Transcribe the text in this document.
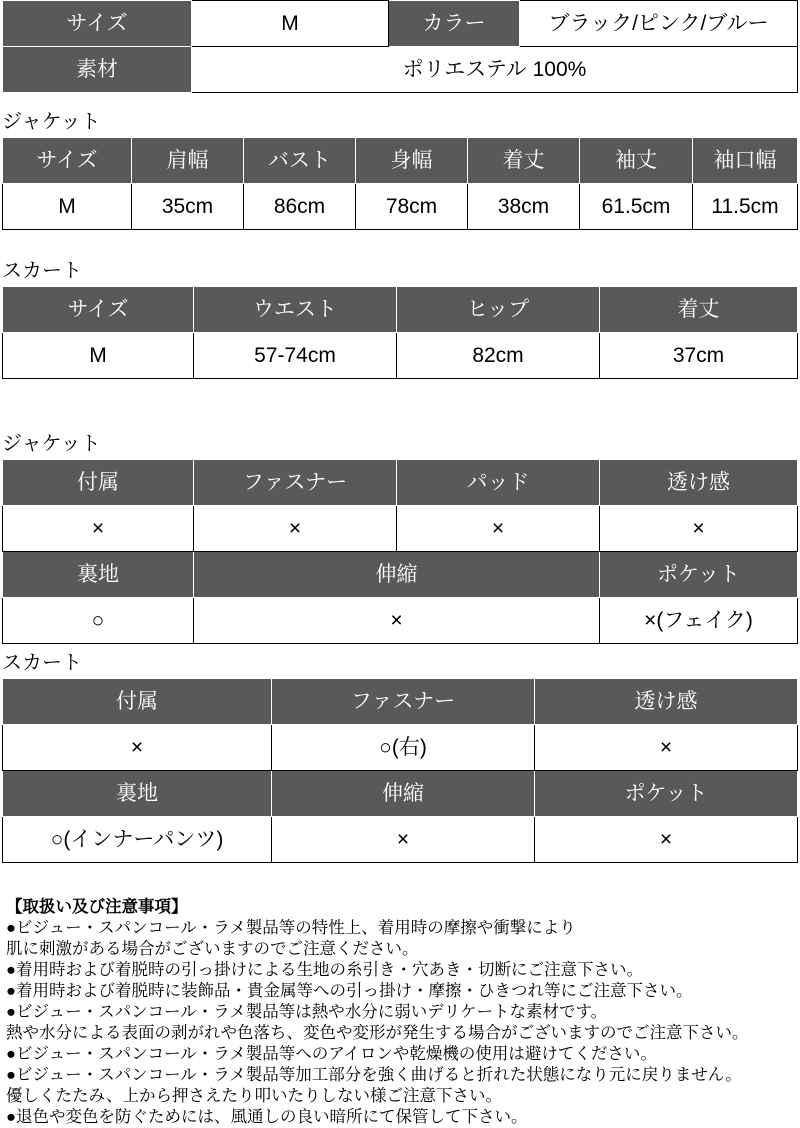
サイズ	M	カラー	ブラック/ピンク/ブルー
素材	ポリエステル 100%		
ジャケット
サイズ	肩幅	バスト	身幅	着丈	袖丈	袖口幅
M	35cm	86cm	78cm	38cm	61.5cm	11.5cm
スカート
サイズ	ウエスト	ヒップ	着丈
M	57-74cm	82cm	37cm
ジャケット
付属	ファスナー	パッド	透け感
×	×	×	×
裏地	伸縮		ポケット
○	×		×(フェイク)
スカート
付属	ファスナー	透け感
×	○(右)	×
裏地	伸縮	ポケット
○(インナーパンツ)	×	×
【取扱い及び注意事項】
●ビジュー・スパンコール・ラメ製品等の特性上、着用時の摩擦や衝撃により
肌に刺激がある場合がございますのでご注意ください。
●着用時および着脱時の引っ掛けによる生地の糸引き・穴あき・切断にご注意下さい。
●着用時および着脱時に装飾品・貴金属等への引っ掛け・摩擦・ひきつれ等にご注意下さい。
●ビジュー・スパンコール・ラメ製品等は熱や水分に弱いデリケートな素材です。
熱や水分による表面の剥がれや色落ち、変色や変形が発生する場合がございますのでご注意下さい。
●ビジュー・スパンコール・ラメ製品等へのアイロンや乾燥機の使用は避けてください。
●ビジュー・スパンコール・ラメ製品等加工部分を強く曲げると折れた状態になり元に戻りません。
優しくたたみ、上から押さえたり叩いたりしない様ご注意下さい。
●退色や変色を防ぐためには、風通しの良い暗所にて保管して下さい。
